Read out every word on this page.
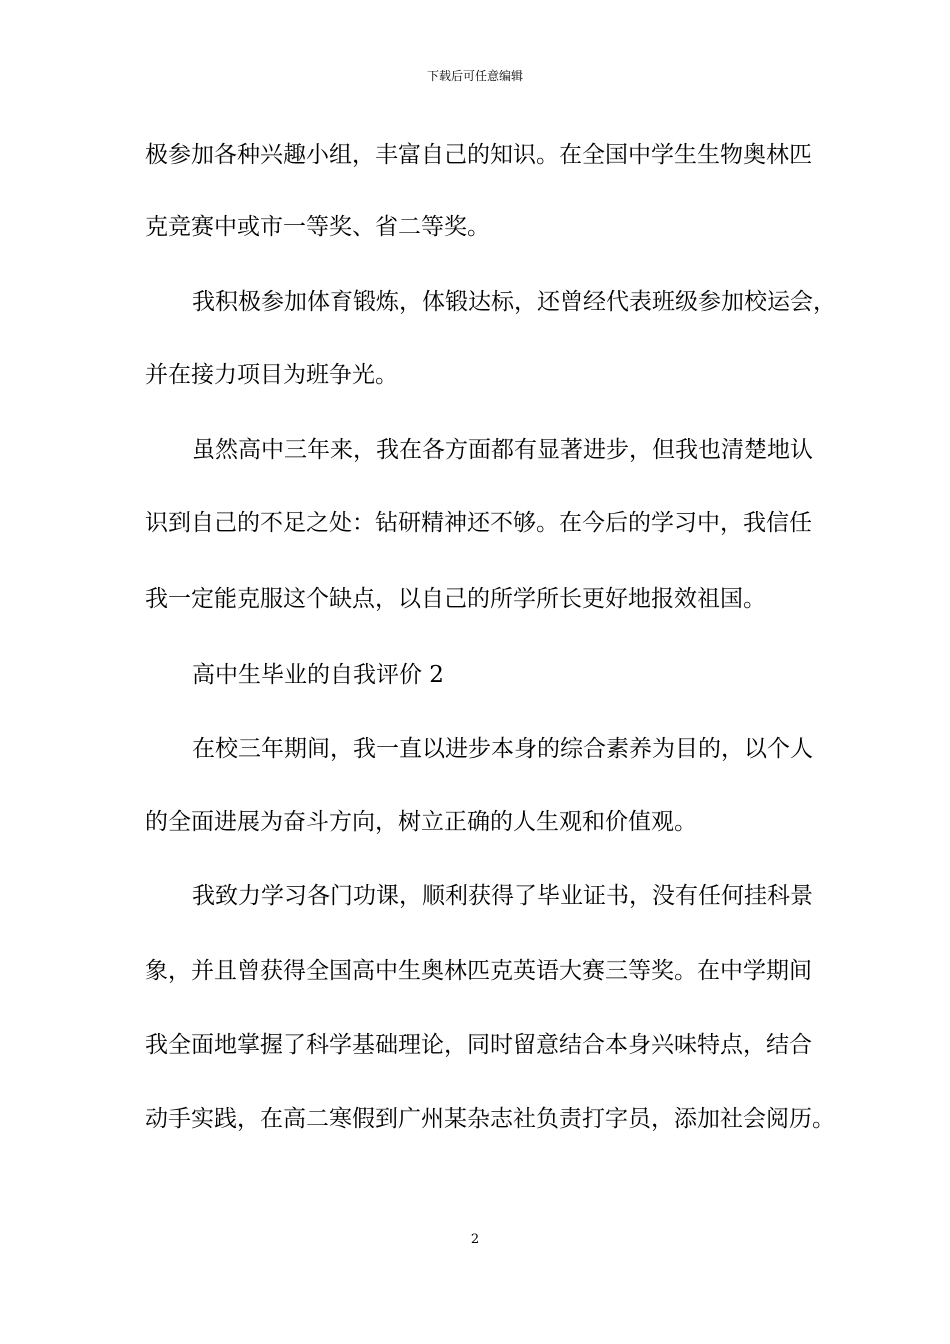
下载后可任意编辑
极参加各种兴趣小组，丰富自己的知识。在全国中学生生物奥林匹
克竞赛中或市一等奖、省二等奖。
我积极参加体育锻炼，体锻达标，还曾经代表班级参加校运会，
并在接力项目为班争光。
虽然高中三年来，我在各方面都有显著进步，但我也清楚地认
识到自己的不足之处：钻研精神还不够。在今后的学习中，我信任
我一定能克服这个缺点，以自己的所学所长更好地报效祖国。
高中生毕业的自我评价 2
在校三年期间，我一直以进步本身的综合素养为目的，以个人
的全面进展为奋斗方向，树立正确的人生观和价值观。
我致力学习各门功课，顺利获得了毕业证书，没有任何挂科景
象，并且曾获得全国高中生奥林匹克英语大赛三等奖。在中学期间
我全面地掌握了科学基础理论，同时留意结合本身兴味特点，结合
动手实践，在高二寒假到广州某杂志社负责打字员，添加社会阅历。
2
